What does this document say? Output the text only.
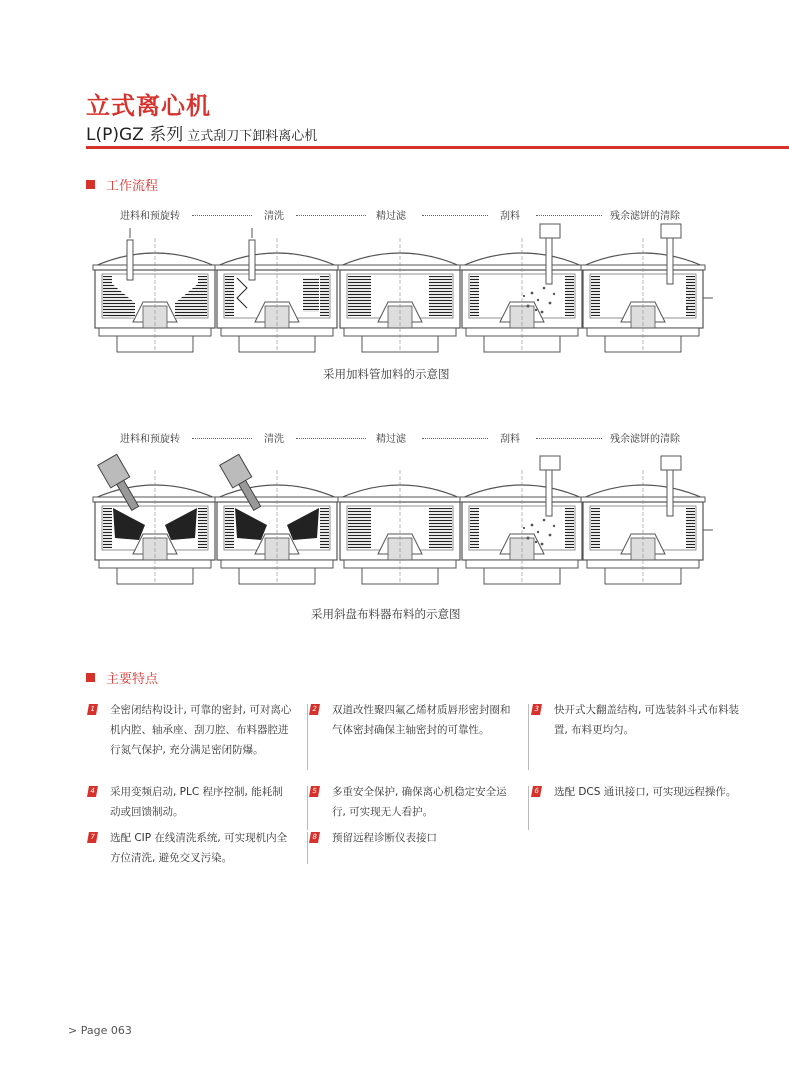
立式离心机
L(P)GZ 系列 立式刮刀下卸料离心机
工作流程
进料和预旋转	清洗	精过滤	刮料	残余滤饼的清除
进料和预旋转	清洗	精过滤	刮料	残余滤饼的清除
采用加料管加料的示意图
采用斜盘布料器布料的示意图
主要特点
1 全密闭结构设计, 可靠的密封, 可对离心机内腔、轴承座、刮刀腔、布料器腔进行氮气保护, 充分满足密闭防爆。
2 双道改性聚四氟乙烯材质唇形密封圈和气体密封确保主轴密封的可靠性。
3 快开式大翻盖结构, 可选装斜斗式布料装置, 布料更均匀。
4 采用变频启动, PLC 程序控制, 能耗制动或回馈制动。
5 多重安全保护, 确保离心机稳定安全运行, 可实现无人看护。
6 选配 DCS 通讯接口, 可实现远程操作。
7 选配 CIP 在线清洗系统, 可实现机内全方位清洗, 避免交叉污染。
8 预留远程诊断仪表接口
> Page 063
